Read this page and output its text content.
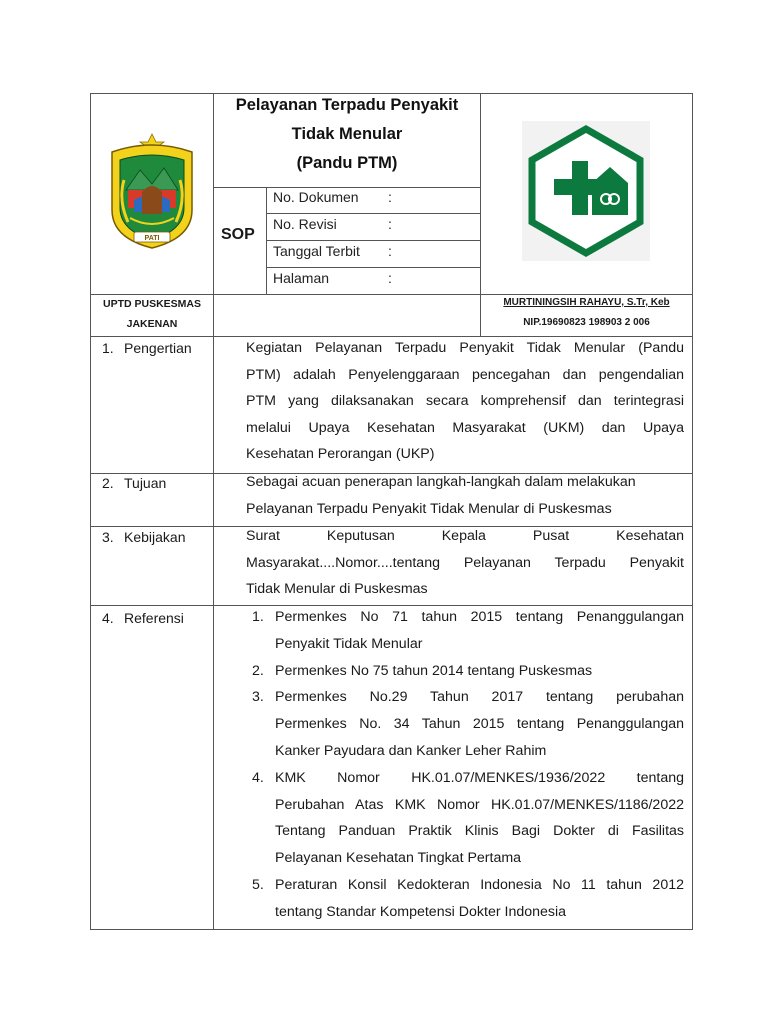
PATI
Pelayanan Terpadu Penyakit
Tidak Menular
(Pandu PTM)
SOP
No. Dokumen :
No. Revisi	:
Tanggal Terbit :
Halaman	:
UPTD PUSKESMAS
JAKENAN
MURTININGSIH RAHAYU, S.Tr, Keb
NIP.19690823 198903 2 006
1. Pengertian	Kegiatan Pelayanan Terpadu Penyakit Tidak Menular (Pandu
PTM) adalah Penyelenggaraan pencegahan dan pengendalian
PTM yang dilaksanakan secara komprehensif dan terintegrasi
melalui Upaya Kesehatan Masyarakat (UKM) dan Upaya
Kesehatan Perorangan (UKP)
2. Tujuan	Sebagai acuan penerapan langkah-langkah dalam melakukan
Pelayanan Terpadu Penyakit Tidak Menular di Puskesmas
3. Kebijakan	Surat Keputusan Kepala Pusat Kesehatan
Masyarakat....Nomor....tentang Pelayanan Terpadu Penyakit
Tidak Menular di Puskesmas
4. Referensi	1. Permenkes No 71 tahun 2015 tentang Penanggulangan
Penyakit Tidak Menular
2. Permenkes No 75 tahun 2014 tentang Puskesmas
3. Permenkes No.29 Tahun 2017 tentang perubahan
Permenkes No. 34 Tahun 2015 tentang Penanggulangan
Kanker Payudara dan Kanker Leher Rahim
4. KMK Nomor HK.01.07/MENKES/1936/2022 tentang
Perubahan Atas KMK Nomor HK.01.07/MENKES/1186/2022
Tentang Panduan Praktik Klinis Bagi Dokter di Fasilitas
Pelayanan Kesehatan Tingkat Pertama
5. Peraturan Konsil Kedokteran Indonesia No 11 tahun 2012
tentang Standar Kompetensi Dokter Indonesia
